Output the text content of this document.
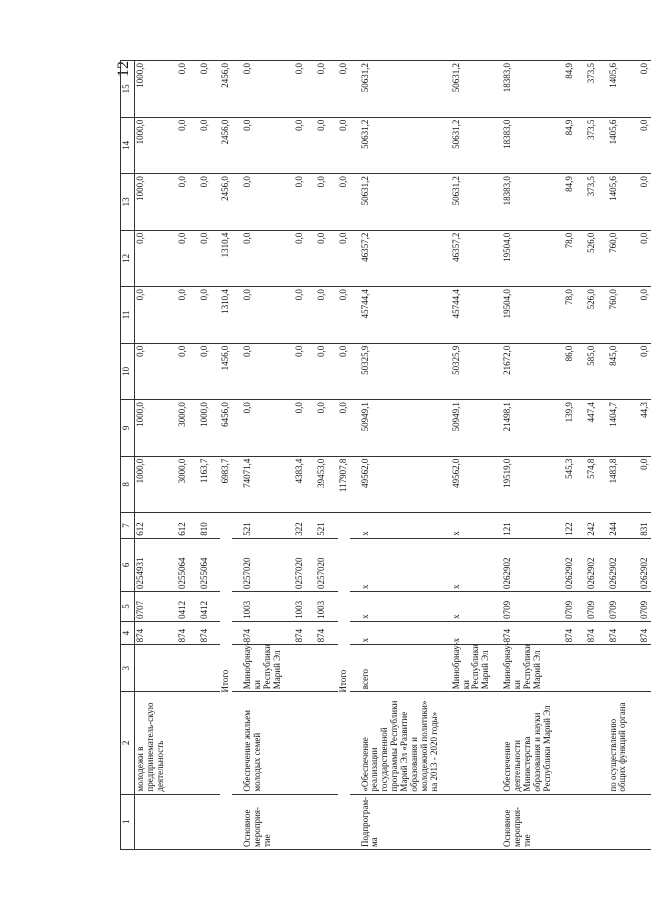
12
1	2	3	4	5	6	7	8	9	10	11	12	13	14	15
	молодежи в предпринематель-скую деятельность		874	0707	0254931	612	1000,0	1000,0	0,0	0,0	0,0	1000,0	1000,0	1000,0

			874	0412	0255064	612	3000,0	3000,0	0,0	0,0	0,0	0,0	0,0	0,0

			874	0412	0255064	810	1163,7	1000,0	0,0	0,0	0,0	0,0	0,0	0,0

Итого							6983,7	6456,0	1456,0	1310,4	1310,4	2456,0	2456,0	2456,0

Основное мероприя-тие	Обеспечение жильем молодых семей	Минобрнау-ки Республики Марий Эл	874	1003	0257020	521	74071,4	0,0	0,0	0,0	0,0	0,0	0,0	0,0

			874	1003	0257020	322	4383,4	0,0	0,0	0,0	0,0	0,0	0,0	0,0

			874	1003	0257020	521	39453,0	0,0	0,0	0,0	0,0	0,0	0,0	0,0

Итого							117907,8	0,0	0,0	0,0	0,0	0,0	0,0	0,0

Подпрограм-ма	«Обеспечение реализации государственной программы Республики Марий Эл «Развитие образования и молодежной политики» на 2013 - 2020 годы»	всего	x	x	x	x	49562,0	50949,1	50325,9	45744,4	46357,2	50631,2	50631,2	50631,2

		Минобрнау-ки Республики Марий Эл	x	x	x	x	49562,0	50949,1	50325,9	45744,4	46357,2	50631,2	50631,2	50631,2

Основное мероприя-тие	Обеспечение деятельности Министерства образования и науки Республики Марий Эл	Минобрнау-ки Республики Марий Эл	874	0709	0262902	121	19519,0	21498,1	21672,0	19504,0	19504,0	18383,0	18383,0	18383,0

			874	0709	0262902	122	545,3	139,9	86,0	78,0	78,0	84,9	84,9	84,9

			874	0709	0262902	242	574,8	447,4	585,0	526,0	526,0	373,5	373,5	373,5

	по осуществлению общих функций органа		874	0709	0262902	244	1483,8	1404,7	845,0	760,0	760,0	1405,6	1405,6	1405,6

			874	0709	0262902	831	0,0	44,3	0,0	0,0	0,0	0,0	0,0	0,0
